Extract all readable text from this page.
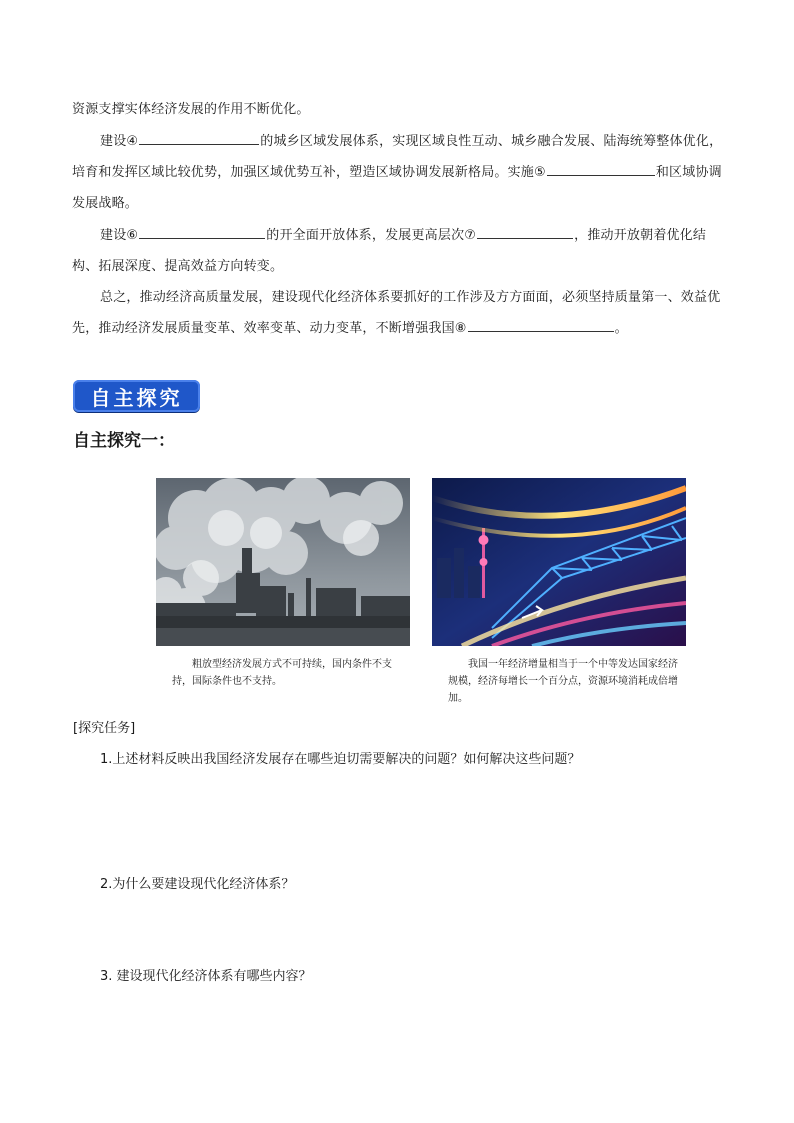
资源支撑实体经济发展的作用不断优化。

建设④	的城乡区域发展体系，实现区域良性互动、城乡融合发展、陆海统筹整体优化，培育和发挥区域比较优势，加强区域优势互补，塑造区域协调发展新格局。实施⑤	和区域协调发展战略。

建设⑥	的开全面开放体系，发展更高层次⑦	，推动开放朝着优化结构、拓展深度、提高效益方向转变。

总之，推动经济高质量发展，建设现代化经济体系要抓好的工作涉及方方面面，必须坚持质量第一、效益优先，推动经济发展质量变革、效率变革、动力变革，不断增强我国⑧	。

自主探究
自主探究一：

粗放型经济发展方式不可持续，国内条件不支持，国际条件也不支持。

我国一年经济增量相当于一个中等发达国家经济规模，经济每增长一个百分点，资源环境消耗成倍增加。

[探究任务]

1.上述材料反映出我国经济发展存在哪些迫切需要解决的问题？如何解决这些问题？

2.为什么要建设现代化经济体系？

3. 建设现代化经济体系有哪些内容？
